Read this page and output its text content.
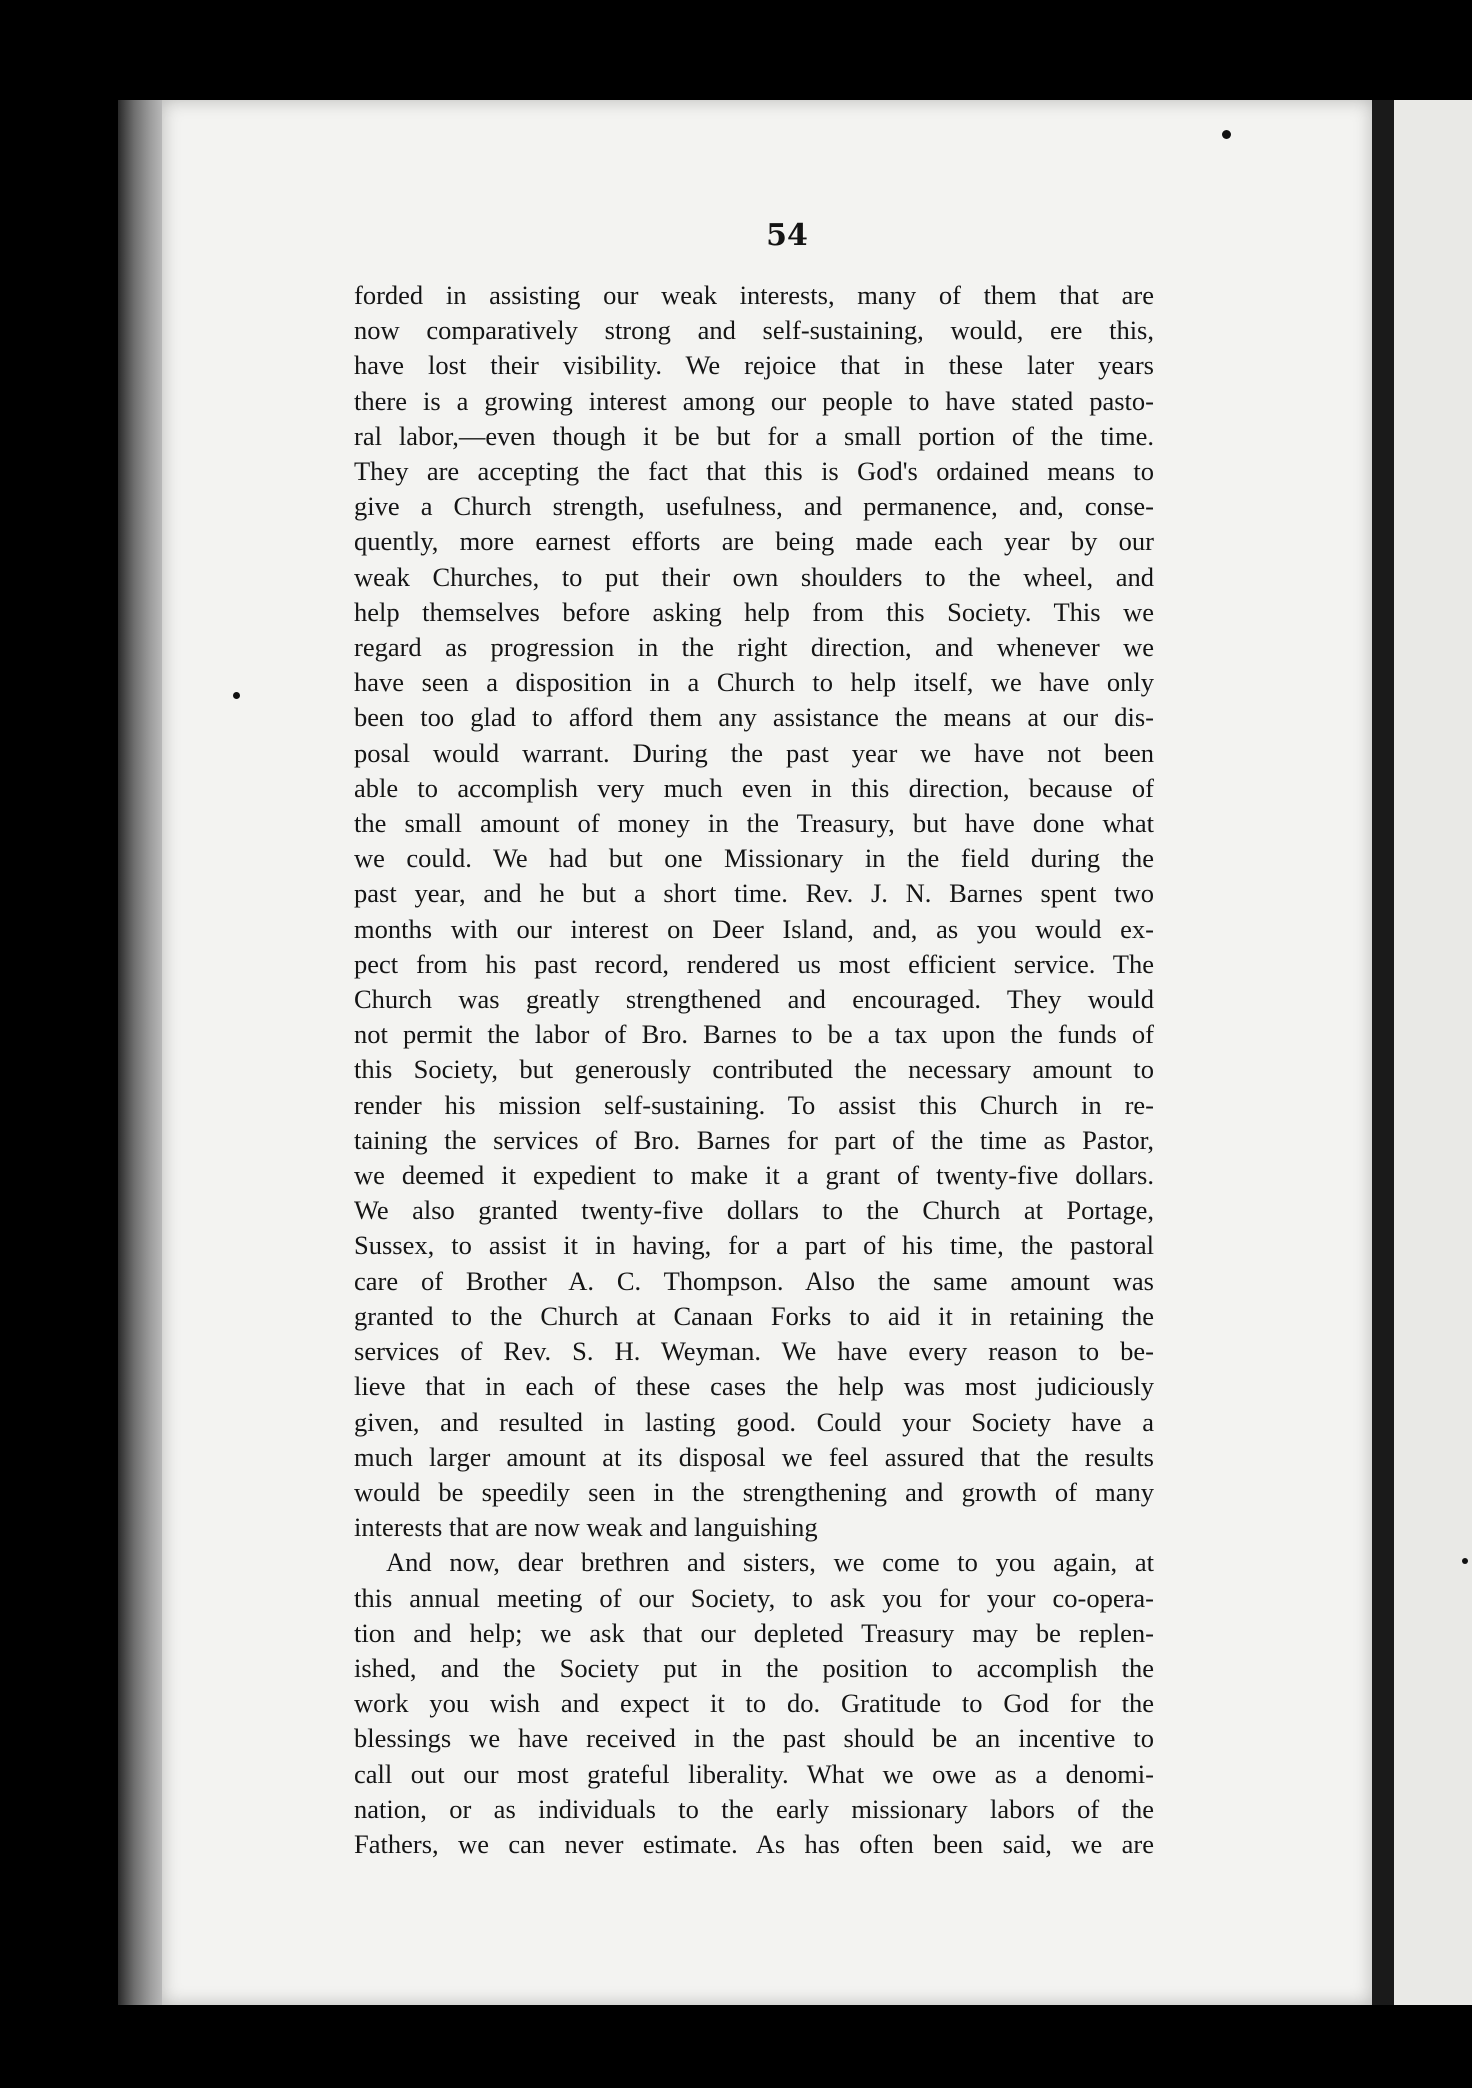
54
forded in assisting our weak interests, many of them that are
now comparatively strong and self-sustaining, would, ere this,
have lost their visibility. We rejoice that in these later years
there is a growing interest among our people to have stated pasto-
ral labor,—even though it be but for a small portion of the time.
They are accepting the fact that this is God's ordained means to
give a Church strength, usefulness, and permanence, and, conse-
quently, more earnest efforts are being made each year by our
weak Churches, to put their own shoulders to the wheel, and
help themselves before asking help from this Society. This we
regard as progression in the right direction, and whenever we
have seen a disposition in a Church to help itself, we have only
been too glad to afford them any assistance the means at our dis-
posal would warrant. During the past year we have not been
able to accomplish very much even in this direction, because of
the small amount of money in the Treasury, but have done what
we could. We had but one Missionary in the field during the
past year, and he but a short time. Rev. J. N. Barnes spent two
months with our interest on Deer Island, and, as you would ex-
pect from his past record, rendered us most efficient service. The
Church was greatly strengthened and encouraged. They would
not permit the labor of Bro. Barnes to be a tax upon the funds of
this Society, but generously contributed the necessary amount to
render his mission self-sustaining. To assist this Church in re-
taining the services of Bro. Barnes for part of the time as Pastor,
we deemed it expedient to make it a grant of twenty-five dollars.
We also granted twenty-five dollars to the Church at Portage,
Sussex, to assist it in having, for a part of his time, the pastoral
care of Brother A. C. Thompson. Also the same amount was
granted to the Church at Canaan Forks to aid it in retaining the
services of Rev. S. H. Weyman. We have every reason to be-
lieve that in each of these cases the help was most judiciously
given, and resulted in lasting good. Could your Society have a
much larger amount at its disposal we feel assured that the results
would be speedily seen in the strengthening and growth of many
interests that are now weak and languishing
And now, dear brethren and sisters, we come to you again, at
this annual meeting of our Society, to ask you for your co-opera-
tion and help; we ask that our depleted Treasury may be replen-
ished, and the Society put in the position to accomplish the
work you wish and expect it to do. Gratitude to God for the
blessings we have received in the past should be an incentive to
call out our most grateful liberality. What we owe as a denomi-
nation, or as individuals to the early missionary labors of the
Fathers, we can never estimate. As has often been said, we are
